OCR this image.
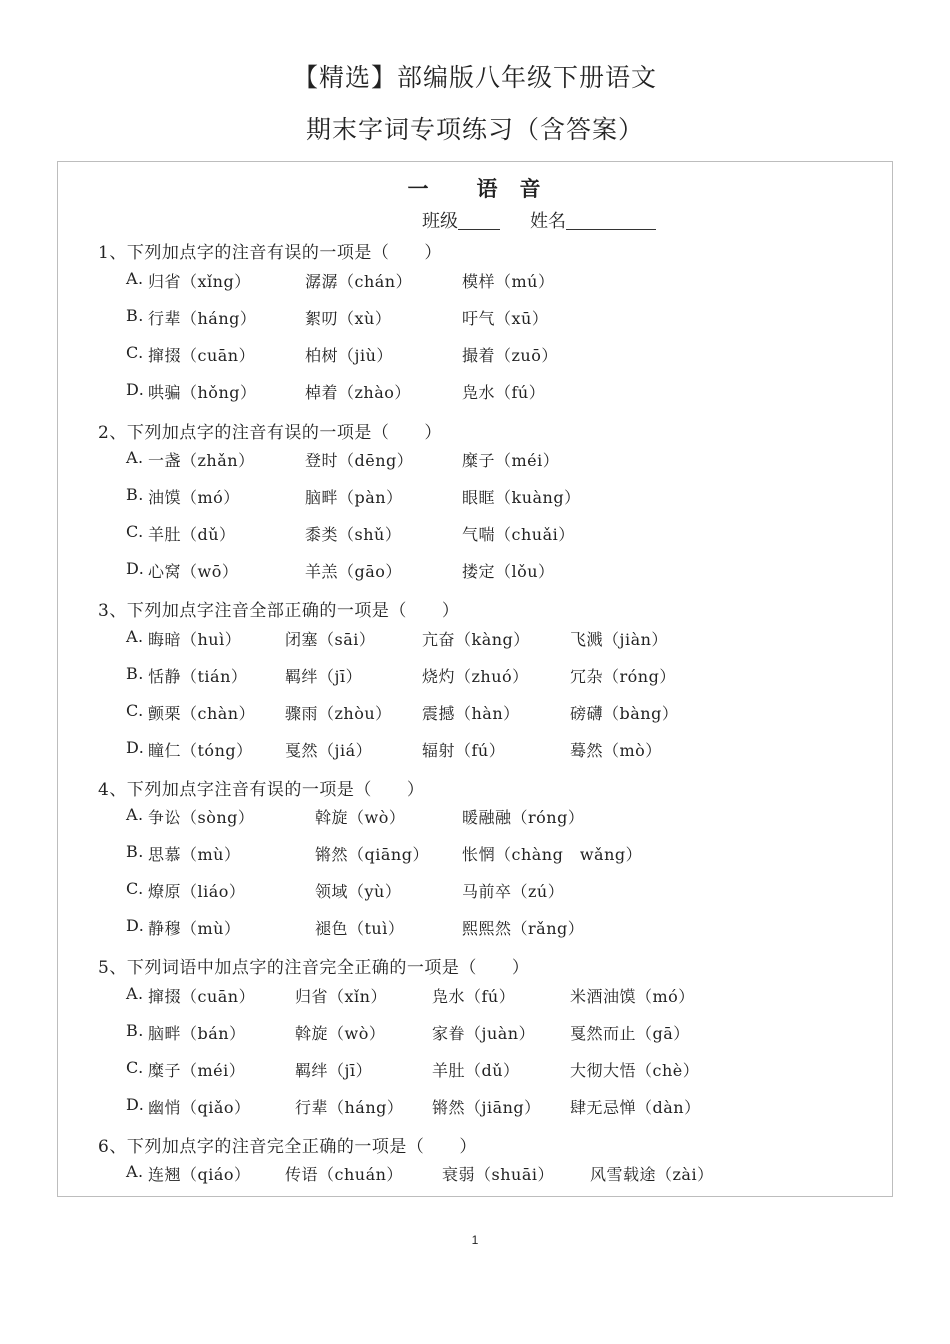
【精选】部编版八年级下册语文
期末字词专项练习（含答案）
一 语 音
班级	姓名
1、下列加点字的注音有误的一项是（　　）
A. 归省（xǐng）	潺潺（chán）	模样（mú）
B. 行辈（háng）	絮叨（xù）	吁气（xū）
C. 撺掇（cuān）	柏树（jiù）	撮着（zuō）
D. 哄骗（hǒng）	棹着（zhào）	凫水（fú）
2、下列加点字的注音有误的一项是（　　）
A. 一盏（zhǎn）	登时（dēng）	糜子（méi）
B. 油馍（mó）	脑畔（pàn）	眼眶（kuàng）
C. 羊肚（dǔ）	黍类（shǔ）	气喘（chuǎi）
D. 心窝（wō）	羊羔（gāo）	搂定（lǒu）
3、下列加点字注音全部正确的一项是（　　）
A. 晦暗（huì）	闭塞（sāi）	亢奋（kàng）	飞溅（jiàn）
B. 恬静（tián） 羁绊（jī）	烧灼（zhuó）	冗杂（róng）
C. 颤栗（chàn） 骤雨（zhòu） 震撼（hàn）	磅礴（bàng）
D. 瞳仁（tóng） 戛然（jiá）	辐射（fú）	蓦然（mò）
4、下列加点字注音有误的一项是（　　）
A. 争讼（sòng）	斡旋（wò）	暖融融（róng）
B. 思慕（mù）	锵然（qiāng） 怅惘（chàng　wǎng）
C. 燎原（liáo）	领域（yù）	马前卒（zú）
D. 静穆（mù）	褪色（tuì）	熙熙然（rǎng）
5、下列词语中加点字的注音完全正确的一项是（　　）
A. 撺掇（cuān） 归省（xǐn）	凫水（fú）	米酒油馍（mó）
B. 脑畔（bán）	斡旋（wò）	家眷（juàn） 戛然而止（gā）
C. 糜子（méi）	羁绊（jī）	羊肚（dǔ）	大彻大悟（chè）
D. 幽悄（qiǎo）	行辈（háng） 锵然（jiāng） 肆无忌惮（dàn）
6、下列加点字的注音完全正确的一项是（　　）
A. 连翘（qiáo） 传语（chuán） 衰弱（shuāi） 风雪载途（zài）
1
